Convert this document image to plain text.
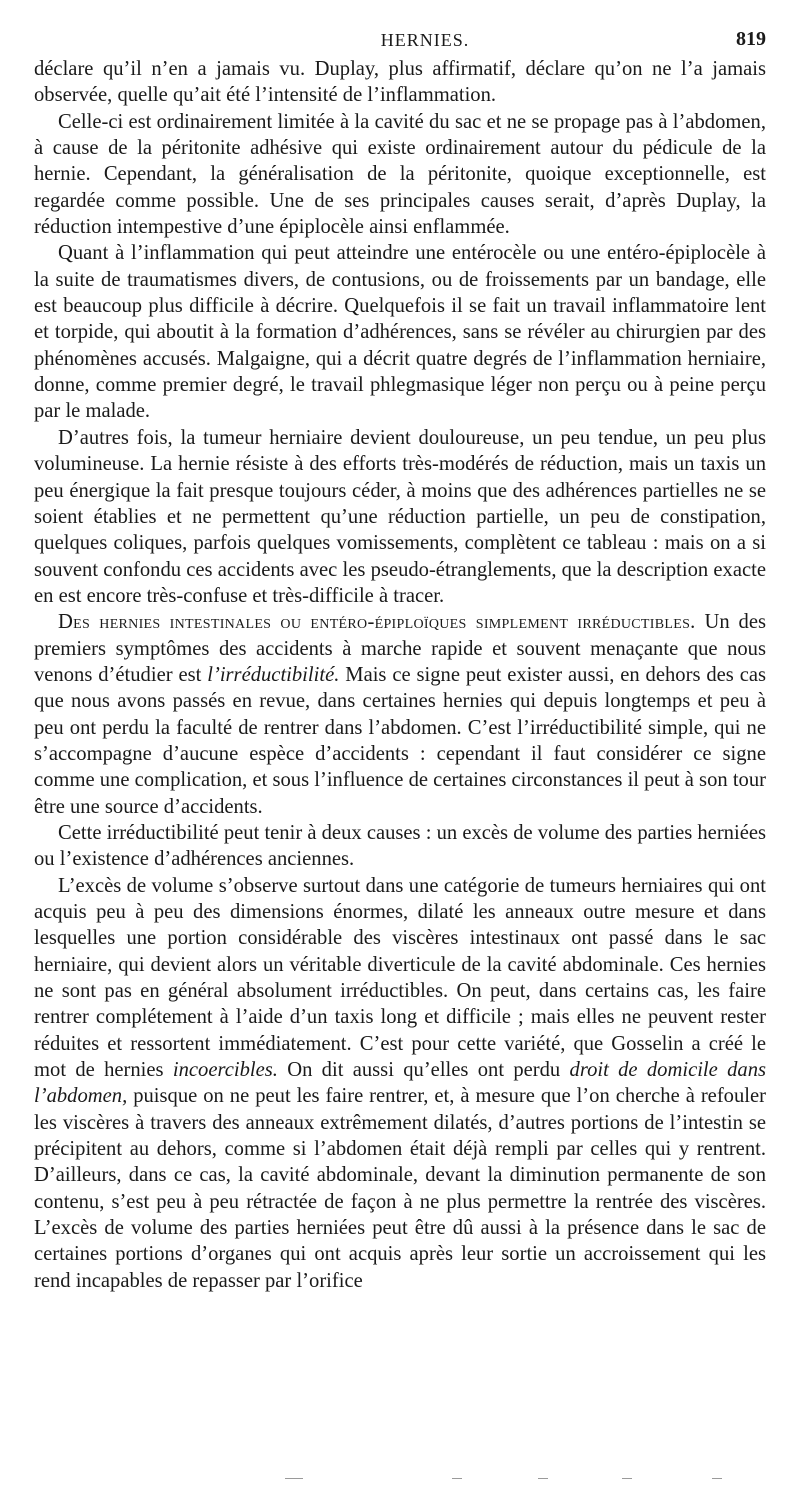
HERNIES.	819

déclare qu’il n’en a jamais vu. Duplay, plus affirmatif, déclare qu’on ne l’a jamais observée, quelle qu’ait été l’intensité de l’inflammation.

Celle-ci est ordinairement limitée à la cavité du sac et ne se propage pas à l’abdomen, à cause de la péritonite adhésive qui existe ordinairement autour du pédicule de la hernie. Cependant, la généralisation de la péritonite, quoique exceptionnelle, est regardée comme possible. Une de ses principales causes serait, d’après Duplay, la réduction intempestive d’une épiplocèle ainsi enflammée.

Quant à l’inflammation qui peut atteindre une entérocèle ou une entéro-épiplocèle à la suite de traumatismes divers, de contusions, ou de froissements par un bandage, elle est beaucoup plus difficile à décrire. Quelquefois il se fait un travail inflammatoire lent et torpide, qui aboutit à la formation d’adhérences, sans se révéler au chirurgien par des phénomènes accusés. Malgaigne, qui a décrit quatre degrés de l’inflammation herniaire, donne, comme premier degré, le travail phlegmasique léger non perçu ou à peine perçu par le malade.

D’autres fois, la tumeur herniaire devient douloureuse, un peu tendue, un peu plus volumineuse. La hernie résiste à des efforts très-modérés de réduction, mais un taxis un peu énergique la fait presque toujours céder, à moins que des adhérences partielles ne se soient établies et ne permettent qu’une réduction partielle, un peu de constipation, quelques coliques, parfois quelques vomissements, complètent ce tableau : mais on a si souvent confondu ces accidents avec les pseudo-étranglements, que la description exacte en est encore très-confuse et très-difficile à tracer.

Des hernies intestinales ou entéro-épiploïques simplement irréductibles. Un des premiers symptômes des accidents à marche rapide et souvent menaçante que nous venons d’étudier est l’irréductibilité. Mais ce signe peut exister aussi, en dehors des cas que nous avons passés en revue, dans certaines hernies qui depuis longtemps et peu à peu ont perdu la faculté de rentrer dans l’abdomen. C’est l’irréductibilité simple, qui ne s’accompagne d’aucune espèce d’accidents : cependant il faut considérer ce signe comme une complication, et sous l’influence de certaines circonstances il peut à son tour être une source d’accidents.

Cette irréductibilité peut tenir à deux causes : un excès de volume des parties herniées ou l’existence d’adhérences anciennes.

L’excès de volume s’observe surtout dans une catégorie de tumeurs herniaires qui ont acquis peu à peu des dimensions énormes, dilaté les anneaux outre mesure et dans lesquelles une portion considérable des viscères intestinaux ont passé dans le sac herniaire, qui devient alors un véritable diverticule de la cavité abdominale. Ces hernies ne sont pas en général absolument irréductibles. On peut, dans certains cas, les faire rentrer complétement à l’aide d’un taxis long et difficile ; mais elles ne peuvent rester réduites et ressortent immédiatement. C’est pour cette variété, que Gosselin a créé le mot de hernies incoercibles. On dit aussi qu’elles ont perdu droit de domicile dans l’abdomen, puisque on ne peut les faire rentrer, et, à mesure que l’on cherche à refouler les viscères à travers des anneaux extrêmement dilatés, d’autres portions de l’intestin se précipitent au dehors, comme si l’abdomen était déjà rempli par celles qui y rentrent. D’ailleurs, dans ce cas, la cavité abdominale, devant la diminution permanente de son contenu, s’est peu à peu rétractée de façon à ne plus permettre la rentrée des viscères. L’excès de volume des parties herniées peut être dû aussi à la présence dans le sac de certaines portions d’organes qui ont acquis après leur sortie un accroissement qui les rend incapables de repasser par l’orifice
